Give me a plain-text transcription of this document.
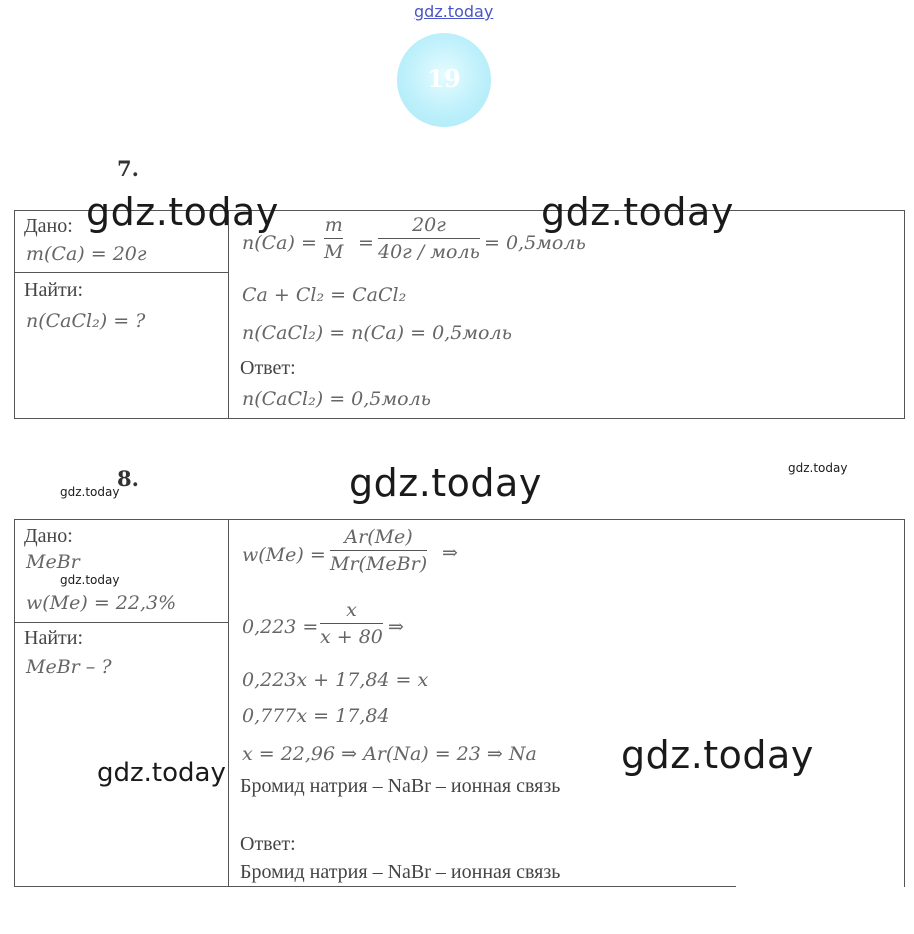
gdz.today
19
7.
Дано:
m(Ca) = 20г
Найти:
n(CaCl₂) = ?
n(Ca) =
m
M =
20г
40г / моль = 0,5моль
Ca + Cl₂ = CaCl₂
n(CaCl₂) = n(Ca) = 0,5моль
Ответ:
n(CaCl₂) = 0,5моль
8.
Дано:
MeBr
w(Me) = 22,3%
Найти:
MeBr – ?
w(Me) =
Ar(Me)
Mr(MeBr) ⇒
0,223 =
x
x + 80 ⇒
0,223x + 17,84 = x
0,777x = 17,84
x = 22,96 ⇒ Ar(Na) = 23 ⇒ Na
Бромид натрия – NaBr – ионная связь
Ответ:
Бромид натрия – NaBr – ионная связь
gdz.today	gdz.today
gdz.today	gdz.today
gdz.today
gdz.today
gdz.today	gdz.today
